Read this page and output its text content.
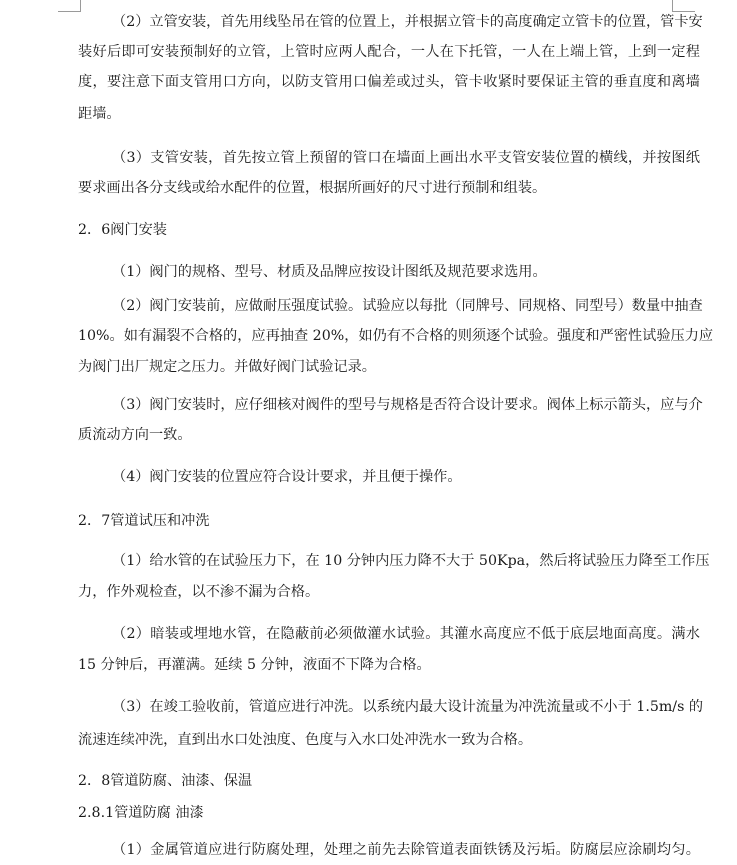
（2）立管安装，首先用线坠吊在管的位置上，并根据立管卡的高度确定立管卡的位置，管卡安
装好后即可安装预制好的立管，上管时应两人配合，一人在下托管，一人在上端上管，上到一定程
度，要注意下面支管用口方向，以防支管用口偏差或过头，管卡收紧时要保证主管的垂直度和离墙
距墙。
（3）支管安装，首先按立管上预留的管口在墙面上画出水平支管安装位置的横线，并按图纸
要求画出各分支线或给水配件的位置，根据所画好的尺寸进行预制和组装。
2．6阀门安装
（1）阀门的规格、型号、材质及品牌应按设计图纸及规范要求选用。
（2）阀门安装前，应做耐压强度试验。试验应以每批（同牌号、同规格、同型号）数量中抽查
10%。如有漏裂不合格的，应再抽查 20%，如仍有不合格的则须逐个试验。强度和严密性试验压力应
为阀门出厂规定之压力。并做好阀门试验记录。
（3）阀门安装时，应仔细核对阀件的型号与规格是否符合设计要求。阀体上标示箭头，应与介
质流动方向一致。
（4）阀门安装的位置应符合设计要求，并且便于操作。
2．7管道试压和冲洗
（1）给水管的在试验压力下，在 10 分钟内压力降不大于 50Kpa，然后将试验压力降至工作压
力，作外观检查，以不渗不漏为合格。
（2）暗装或埋地水管，在隐蔽前必须做灌水试验。其灌水高度应不低于底层地面高度。满水
15 分钟后，再灌满。延续 5 分钟，液面不下降为合格。
（3）在竣工验收前，管道应进行冲洗。以系统内最大设计流量为冲洗流量或不小于 1.5m/s 的
流速连续冲洗，直到出水口处浊度、色度与入水口处冲洗水一致为合格。
2．8管道防腐、油漆、保温
2.8.1管道防腐 油漆
（1）金属管道应进行防腐处理，处理之前先去除管道表面铁锈及污垢。防腐层应涂刷均匀。
